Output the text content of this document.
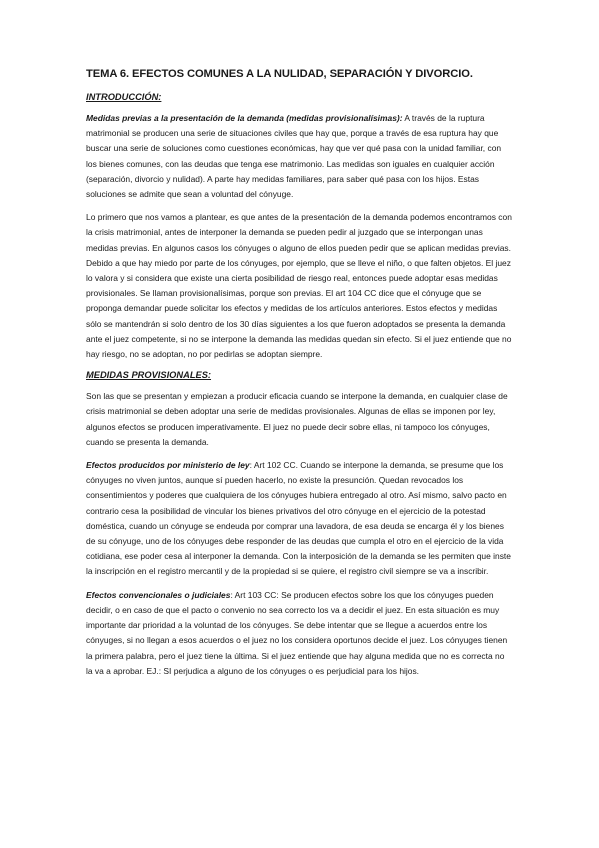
TEMA 6. EFECTOS COMUNES A LA NULIDAD, SEPARACIÓN Y DIVORCIO.
INTRODUCCIÓN:

Medidas previas a la presentación de la demanda (medidas provisionalísimas): A través de la ruptura matrimonial se producen una serie de situaciones civiles que hay que, porque a través de esa ruptura hay que buscar una serie de soluciones como cuestiones económicas, hay que ver qué pasa con la unidad familiar, con los bienes comunes, con las deudas que tenga ese matrimonio. Las medidas son iguales en cualquier acción (separación, divorcio y nulidad). A parte hay medidas familiares, para saber qué pasa con los hijos. Estas soluciones se admite que sean a voluntad del cónyuge.

Lo primero que nos vamos a plantear, es que antes de la presentación de la demanda podemos encontramos con la crisis matrimonial, antes de interponer la demanda se pueden pedir al juzgado que se interpongan unas medidas previas. En algunos casos los cónyuges o alguno de ellos pueden pedir que se aplican medidas previas. Debido a que hay miedo por parte de los cónyuges, por ejemplo, que se lleve el niño, o que falten objetos. El juez lo valora y si considera que existe una cierta posibilidad de riesgo real, entonces puede adoptar esas medidas provisionales. Se llaman provisionalísimas, porque son previas. El art 104 CC dice que el cónyuge que se proponga demandar puede solicitar los efectos y medidas de los artículos anteriores. Estos efectos y medidas sólo se mantendrán si solo dentro de los 30 días siguientes a los que fueron adoptados se presenta la demanda ante el juez competente, si no se interpone la demanda las medidas quedan sin efecto. Si el juez entiende que no hay riesgo, no se adoptan, no por pedirlas se adoptan siempre.

MEDIDAS PROVISIONALES:

Son las que se presentan y empiezan a producir eficacia cuando se interpone la demanda, en cualquier clase de crisis matrimonial se deben adoptar una serie de medidas provisionales. Algunas de ellas se imponen por ley, algunos efectos se producen imperativamente. El juez no puede decir sobre ellas, ni tampoco los cónyuges, cuando se presenta la demanda.

Efectos producidos por ministerio de ley: Art 102 CC. Cuando se interpone la demanda, se presume que los cónyuges no viven juntos, aunque sí pueden hacerlo, no existe la presunción. Quedan revocados los consentimientos y poderes que cualquiera de los cónyuges hubiera entregado al otro. Así mismo, salvo pacto en contrario cesa la posibilidad de vincular los bienes privativos del otro cónyuge en el ejercicio de la potestad doméstica, cuando un cónyuge se endeuda por comprar una lavadora, de esa deuda se encarga él y los bienes de su cónyuge, uno de los cónyuges debe responder de las deudas que cumpla el otro en el ejercicio de la vida cotidiana, ese poder cesa al interponer la demanda. Con la interposición de la demanda se les permiten que inste la inscripción en el registro mercantil y de la propiedad si se quiere, el registro civil siempre se va a inscribir.

Efectos convencionales o judiciales: Art 103 CC: Se producen efectos sobre los que los cónyuges pueden decidir, o en caso de que el pacto o convenio no sea correcto los va a decidir el juez. En esta situación es muy importante dar prioridad a la voluntad de los cónyuges. Se debe intentar que se llegue a acuerdos entre los cónyuges, si no llegan a esos acuerdos o el juez no los considera oportunos decide el juez. Los cónyuges tienen la primera palabra, pero el juez tiene la última. Si el juez entiende que hay alguna medida que no es correcta no la va a aprobar. EJ.: SI perjudica a alguno de los cónyuges o es perjudicial para los hijos.
